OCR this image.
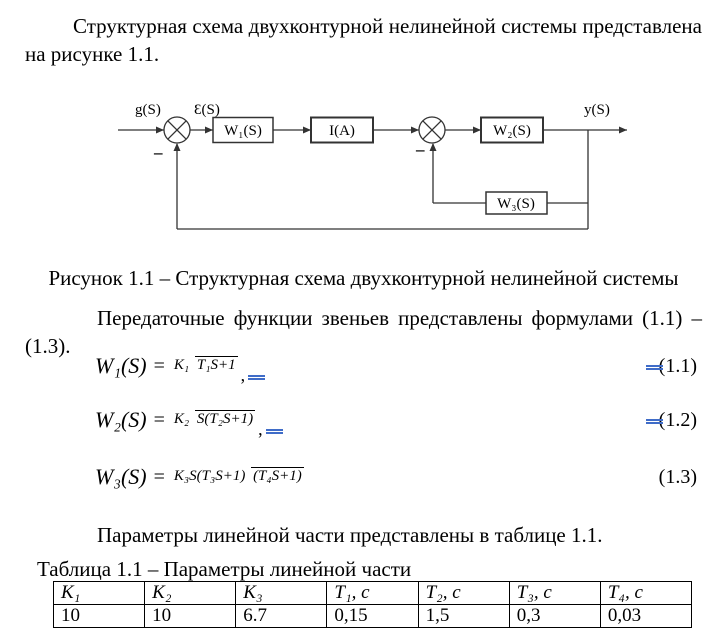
Структурная схема двухконтурной нелинейной системы представлена на рисунке 1.1.
g(S) Ɛ(S)	y(S)
W₁(S)	I(A)	W₂(S)
W₃(S)
–	–
Рисунок 1.1 – Структурная схема двухконтурной нелинейной системы
Передаточные функции звеньев представлены формулами (1.1) – (1.3).
W₁(S) = K₁ T₁S+1 ,	(1.1)
W₂(S) = K₂ S(T₂S+1) ,	(1.2)
W₃(S) = K₃S(T₃S+1) (T₄S+1)	(1.3)
Параметры линейной части представлены в таблице 1.1.
Таблица 1.1 – Параметры линейной части
K₁	K₂	K₃	T₁, с	T₂, с	T₃, с	T₄, с
10	10	6.7	0,15	1,5	0,3	0,03
